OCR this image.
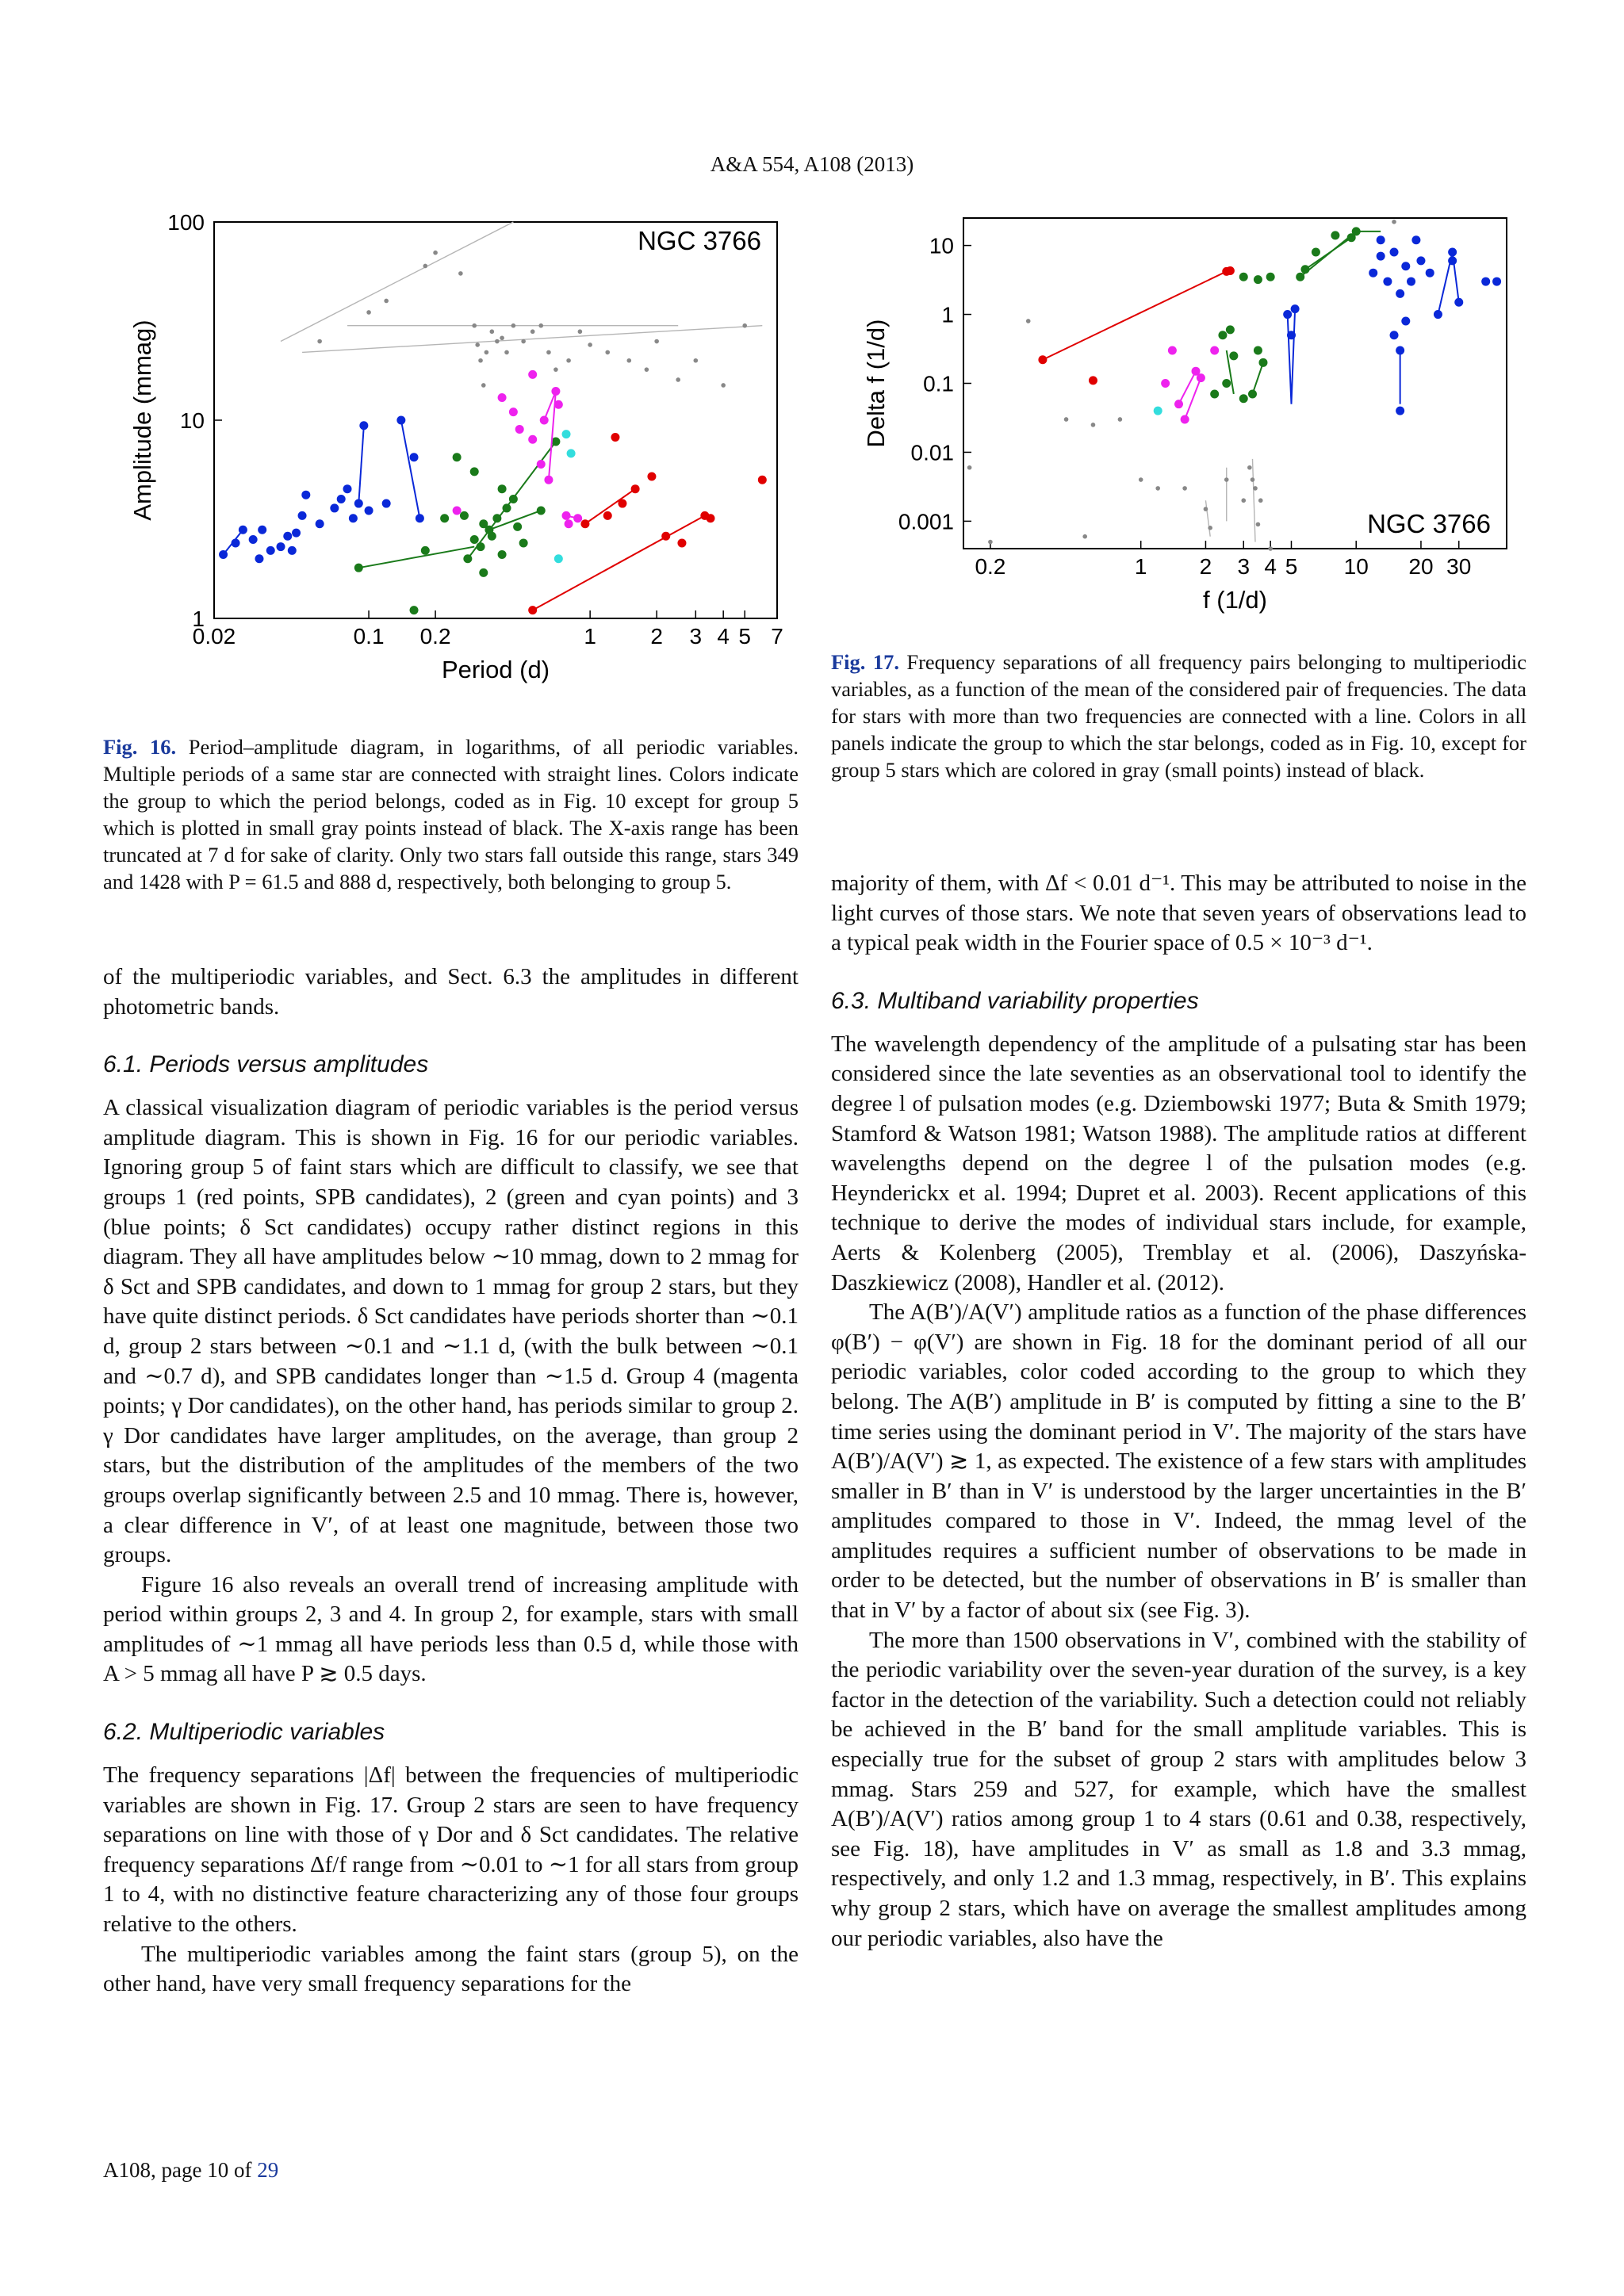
A&A 554, A108 (2013)
0.02	0.1 0.2	1 2 3 4 5 7
1
10
100
Period (d)
Amplitude (mmag)
NGC 3766
Fig. 16. Period–amplitude diagram, in logarithms, of all periodic variables. Multiple periods of a same star are connected with straight lines. Colors indicate the group to which the period belongs, coded as in Fig. 10 except for group 5 which is plotted in small gray points instead of black. The X-axis range has been truncated at 7 d for sake of clarity. Only two stars fall outside this range, stars 349 and 1428 with P = 61.5 and 888 d, respectively, both belonging to group 5.
0.2	1 2 3 4 5 10 20 30
0.001
0.01
0.1
1
10
f (1/d)
Delta f (1/d)
NGC 3766
Fig. 17. Frequency separations of all frequency pairs belonging to multiperiodic variables, as a function of the mean of the considered pair of frequencies. The data for stars with more than two frequencies are connected with a line. Colors in all panels indicate the group to which the star belongs, coded as in Fig. 10, except for group 5 stars which are colored in gray (small points) instead of black.

of the multiperiodic variables, and Sect. 6.3 the amplitudes in different photometric bands.

6.1. Periods versus amplitudes

A classical visualization diagram of periodic variables is the period versus amplitude diagram. This is shown in Fig. 16 for our periodic variables. Ignoring group 5 of faint stars which are difficult to classify, we see that groups 1 (red points, SPB candidates), 2 (green and cyan points) and 3 (blue points; δ Sct candidates) occupy rather distinct regions in this diagram. They all have amplitudes below ∼10 mmag, down to 2 mmag for δ Sct and SPB candidates, and down to 1 mmag for group 2 stars, but they have quite distinct periods. δ Sct candidates have periods shorter than ∼0.1 d, group 2 stars between ∼0.1 and ∼1.1 d, (with the bulk between ∼0.1 and ∼0.7 d), and SPB candidates longer than ∼1.5 d. Group 4 (magenta points; γ Dor candidates), on the other hand, has periods similar to group 2. γ Dor candidates have larger amplitudes, on the average, than group 2 stars, but the distribution of the amplitudes of the members of the two groups overlap significantly between 2.5 and 10 mmag. There is, however, a clear difference in V′, of at least one magnitude, between those two groups.

Figure 16 also reveals an overall trend of increasing amplitude with period within groups 2, 3 and 4. In group 2, for example, stars with small amplitudes of ∼1 mmag all have periods less than 0.5 d, while those with A > 5 mmag all have P ≳ 0.5 days.

6.2. Multiperiodic variables

The frequency separations |Δf| between the frequencies of multiperiodic variables are shown in Fig. 17. Group 2 stars are seen to have frequency separations on line with those of γ Dor and δ Sct candidates. The relative frequency separations Δf/f range from ∼0.01 to ∼1 for all stars from group 1 to 4, with no distinctive feature characterizing any of those four groups relative to the others.

The multiperiodic variables among the faint stars (group 5), on the other hand, have very small frequency separations for the

majority of them, with Δf < 0.01 d⁻¹. This may be attributed to noise in the light curves of those stars. We note that seven years of observations lead to a typical peak width in the Fourier space of 0.5 × 10⁻³ d⁻¹.

6.3. Multiband variability properties

The wavelength dependency of the amplitude of a pulsating star has been considered since the late seventies as an observational tool to identify the degree l of pulsation modes (e.g. Dziembowski 1977; Buta & Smith 1979; Stamford & Watson 1981; Watson 1988). The amplitude ratios at different wavelengths depend on the degree l of the pulsation modes (e.g. Heynderickx et al. 1994; Dupret et al. 2003). Recent applications of this technique to derive the modes of individual stars include, for example, Aerts & Kolenberg (2005), Tremblay et al. (2006), Daszyńska-Daszkiewicz (2008), Handler et al. (2012).

The A(B′)/A(V′) amplitude ratios as a function of the phase differences φ(B′) − φ(V′) are shown in Fig. 18 for the dominant period of all our periodic variables, color coded according to the group to which they belong. The A(B′) amplitude in B′ is computed by fitting a sine to the B′ time series using the dominant period in V′. The majority of the stars have A(B′)/A(V′) ≳ 1, as expected. The existence of a few stars with amplitudes smaller in B′ than in V′ is understood by the larger uncertainties in the B′ amplitudes compared to those in V′. Indeed, the mmag level of the amplitudes requires a sufficient number of observations to be made in order to be detected, but the number of observations in B′ is smaller than that in V′ by a factor of about six (see Fig. 3).

The more than 1500 observations in V′, combined with the stability of the periodic variability over the seven-year duration of the survey, is a key factor in the detection of the variability. Such a detection could not reliably be achieved in the B′ band for the small amplitude variables. This is especially true for the subset of group 2 stars with amplitudes below 3 mmag. Stars 259 and 527, for example, which have the smallest A(B′)/A(V′) ratios among group 1 to 4 stars (0.61 and 0.38, respectively, see Fig. 18), have amplitudes in V′ as small as 1.8 and 3.3 mmag, respectively, and only 1.2 and 1.3 mmag, respectively, in B′. This explains why group 2 stars, which have on average the smallest amplitudes among our periodic variables, also have the

A108, page 10 of 29
